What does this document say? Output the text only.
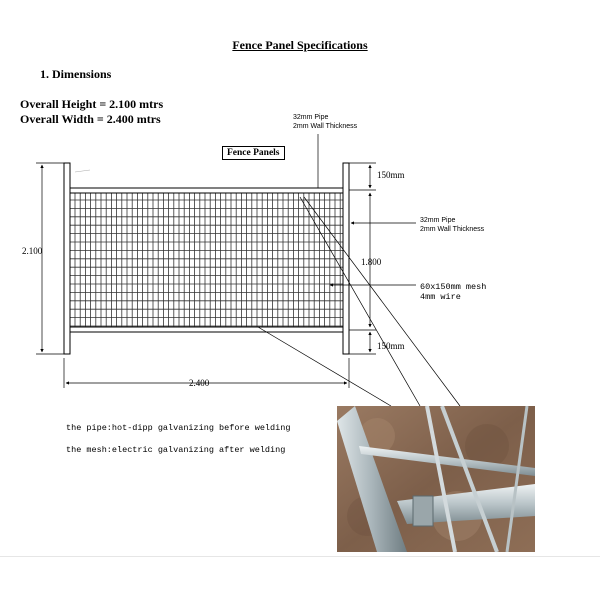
Fence Panel Specifications
1. Dimensions
Overall Height = 2.100 mtrs
Overall Width = 2.400 mtrs	32mm Pipe
2mm Wall Thickness
Fence Panels
32mm Pipe
2mm Wall Thickness
150mm
150mm
1.800
2.100
2.400
60x150mm mesh
4mm wire
the pipe:hot-dipp galvanizing before welding
the mesh:electric galvanizing after welding
